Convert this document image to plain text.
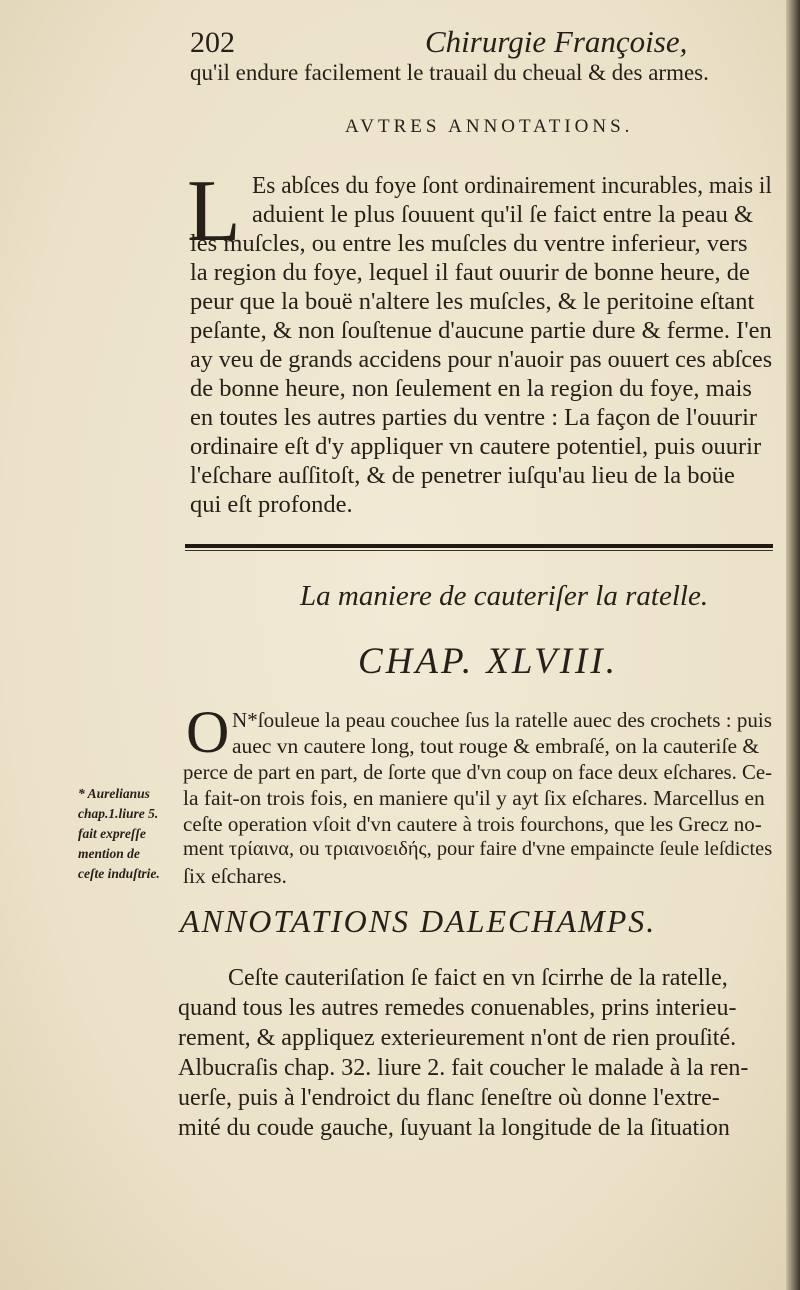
202	Chirurgie Françoise,
qu'il endure facilement le trauail du cheual & des armes.
AVTRES ANNOTATIONS.
L Es abſces du foye ſont ordinairement incurables, mais il
aduient le plus ſouuent qu'il ſe faict entre la peau &
les muſcles, ou entre les muſcles du ventre inferieur, vers
la region du foye, lequel il faut ouurir de bonne heure, de
peur que la bouë n'altere les muſcles, & le peritoine eſtant
peſante, & non ſouſtenue d'aucune partie dure & ferme. I'en
ay veu de grands accidens pour n'auoir pas ouuert ces abſces
de bonne heure, non ſeulement en la region du foye, mais
en toutes les autres parties du ventre : La façon de l'ouurir
ordinaire eſt d'y appliquer vn cautere potentiel, puis ouurir
l'eſchare auſſitoſt, & de penetrer iuſqu'au lieu de la boüe
qui eſt profonde.
La maniere de cauteriſer la ratelle.
CHAP. XLVIII.
O N*ſouleue la peau couchee ſus la ratelle auec des crochets : puis
auec vn cautere long, tout rouge & embraſé, on la cauteriſe &
perce de part en part, de ſorte que d'vn coup on face deux eſchares. Ce-
la fait-on trois fois, en maniere qu'il y ayt ſix eſchares. Marcellus en
ceſte operation vſoit d'vn cautere à trois fourchons, que les Grecz no-
ment τρίαινα, ou τριαινοειδής, pour faire d'vne empaincte ſeule leſdictes
ſix eſchares.
* Aurelianus
chap.1.liure 5.
fait expreſſe
mention de
ceſte induſtrie.
ANNOTATIONS DALECHAMPS.
Ceſte cauteriſation ſe faict en vn ſcirrhe de la ratelle,
quand tous les autres remedes conuenables, prins interieu-
rement, & appliquez exterieurement n'ont de rien prouſité.
Albucraſis chap. 32. liure 2. fait coucher le malade à la ren-
uerſe, puis à l'endroict du flanc ſeneſtre où donne l'extre-
mité du coude gauche, ſuyuant la longitude de la ſituation
